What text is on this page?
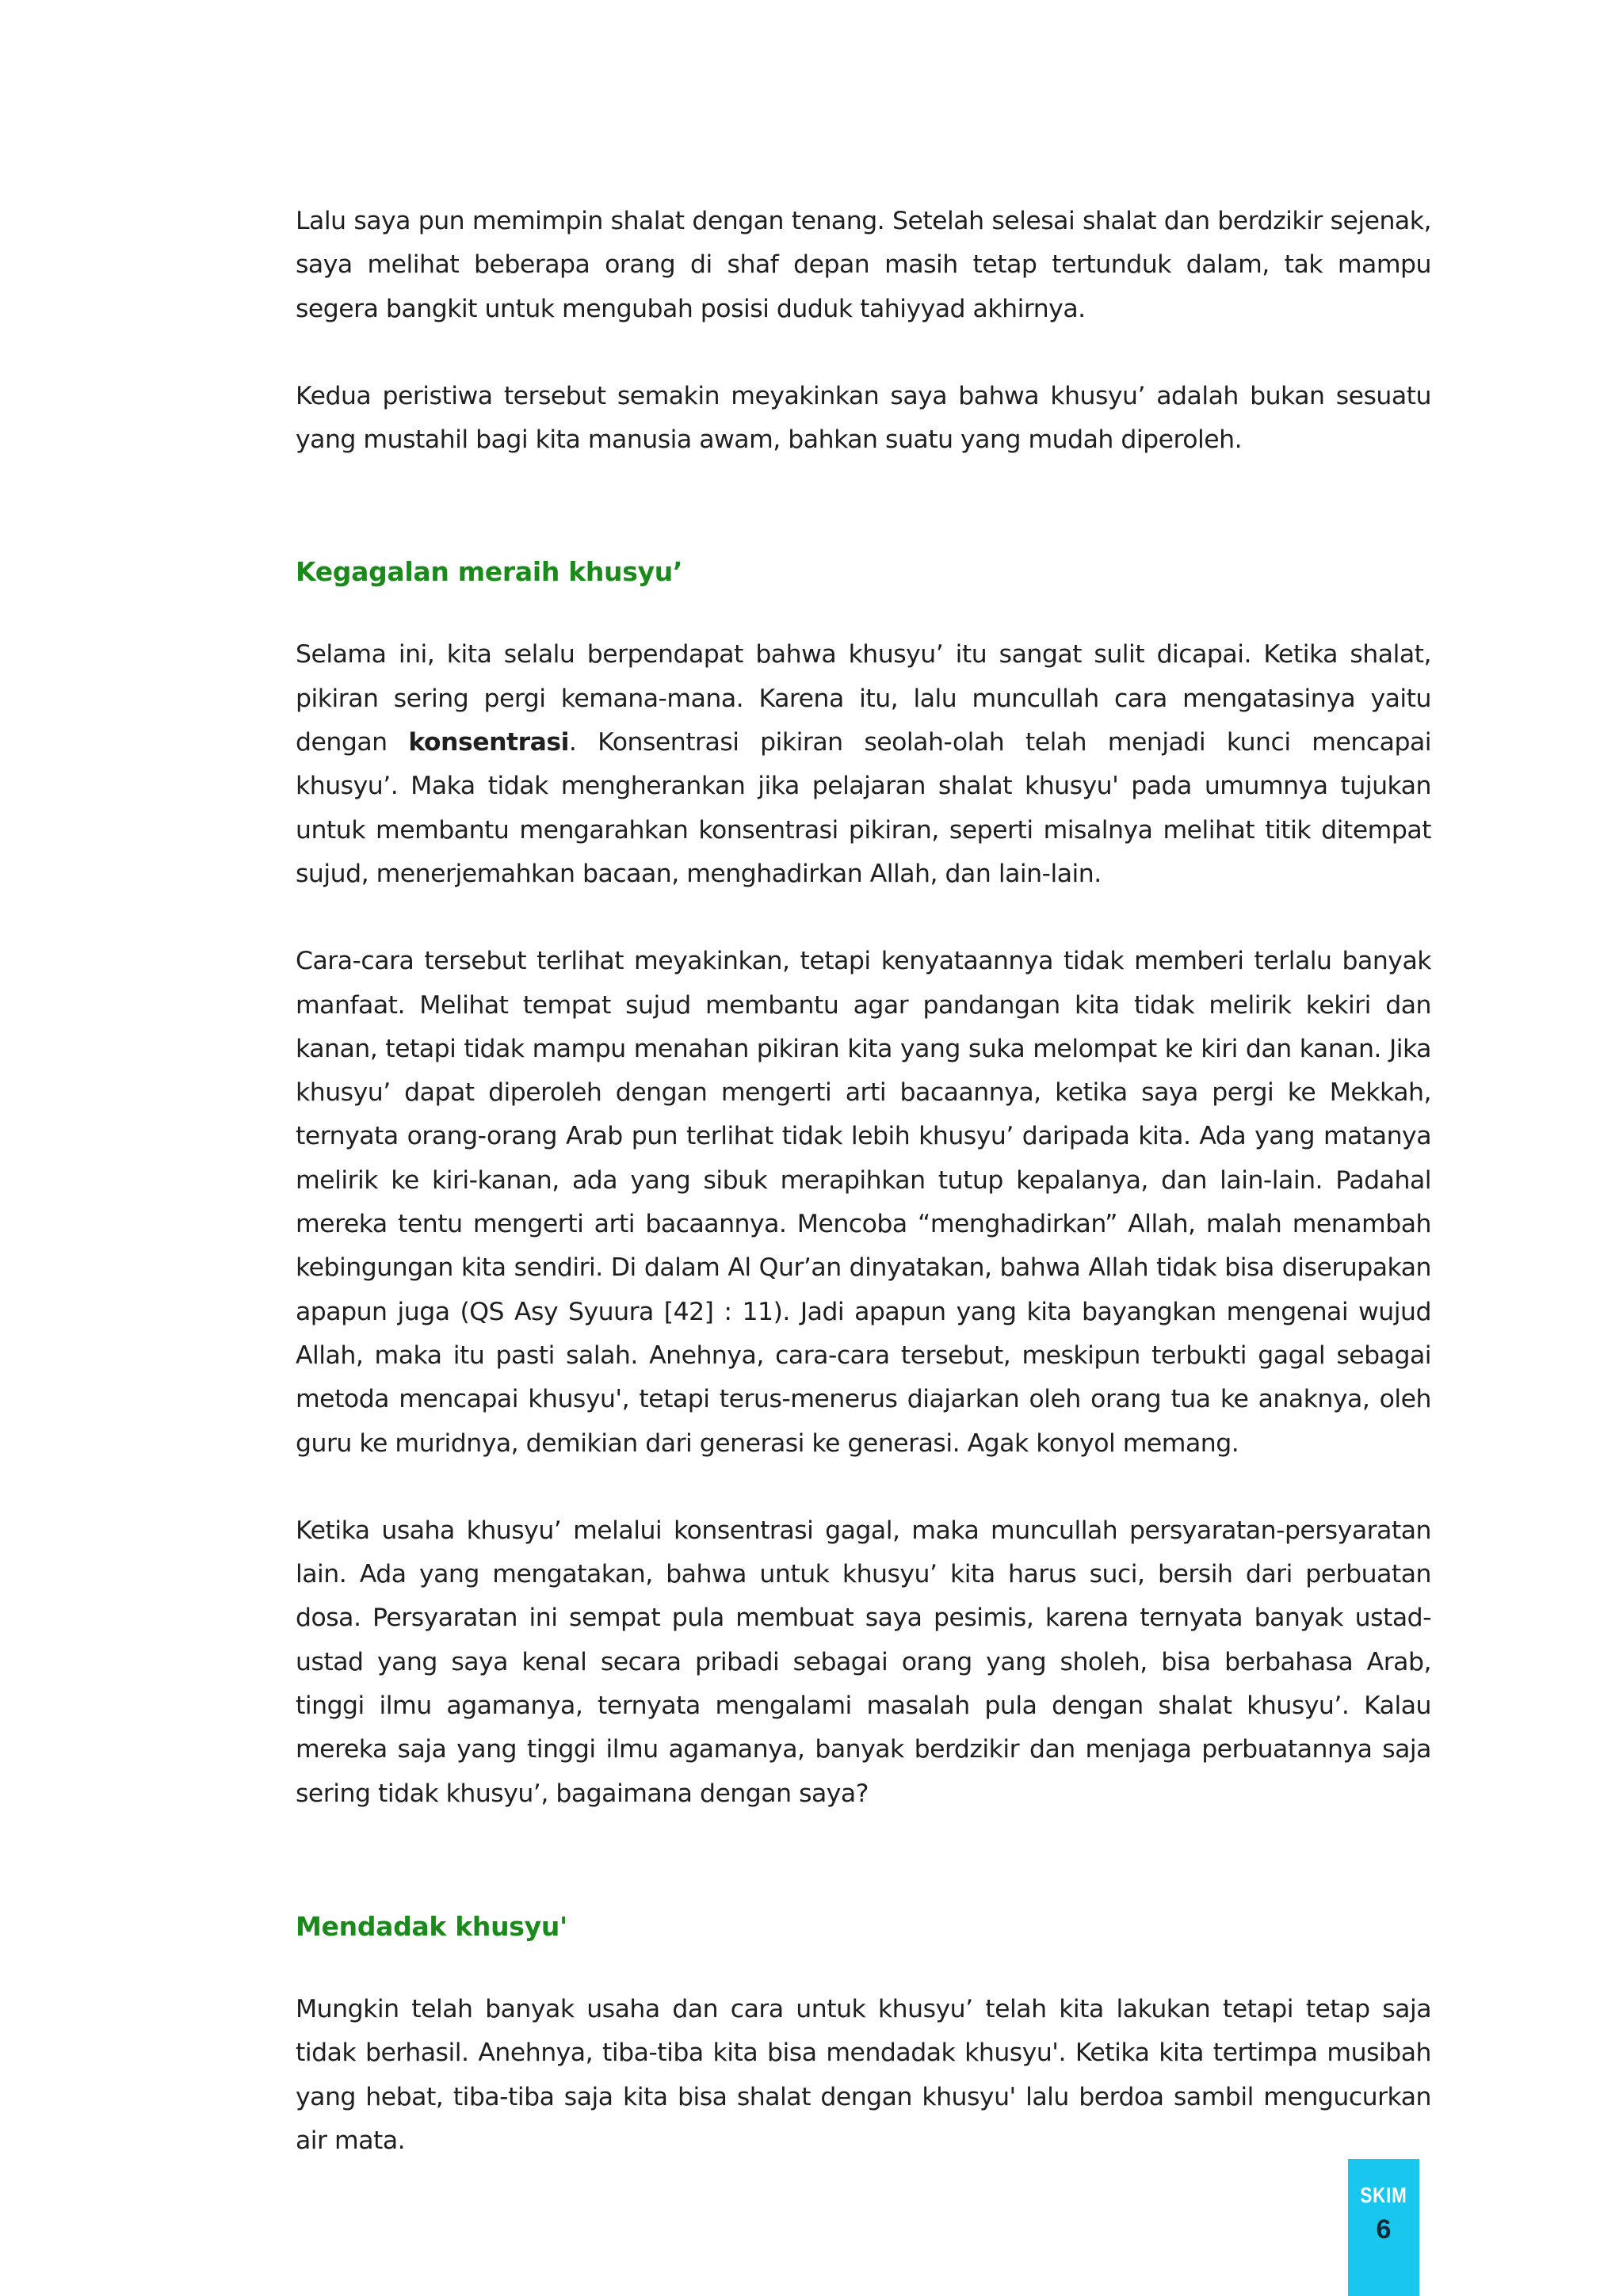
Lalu saya pun memimpin shalat dengan tenang. Setelah selesai shalat dan berdzikir sejenak, saya melihat beberapa orang di shaf depan masih tetap tertunduk dalam, tak mampu segera bangkit untuk mengubah posisi duduk tahiyyad akhirnya.

Kedua peristiwa tersebut semakin meyakinkan saya bahwa khusyu’ adalah bukan sesuatu yang mustahil bagi kita manusia awam, bahkan suatu yang mudah diperoleh.

Kegagalan meraih khusyu’

Selama ini, kita selalu berpendapat bahwa khusyu’ itu sangat sulit dicapai. Ketika shalat, pikiran sering pergi kemana-mana. Karena itu, lalu muncullah cara mengatasinya yaitu dengan konsentrasi. Konsentrasi pikiran seolah-olah telah menjadi kunci mencapai khusyu’. Maka tidak mengherankan jika pelajaran shalat khusyu' pada umumnya tujukan untuk membantu mengarahkan konsentrasi pikiran, seperti misalnya melihat titik ditempat sujud, menerjemahkan bacaan, menghadirkan Allah, dan lain-lain.

Cara-cara tersebut terlihat meyakinkan, tetapi kenyataannya tidak memberi terlalu banyak manfaat. Melihat tempat sujud membantu agar pandangan kita tidak melirik kekiri dan kanan, tetapi tidak mampu menahan pikiran kita yang suka melompat ke kiri dan kanan. Jika khusyu’ dapat diperoleh dengan mengerti arti bacaannya, ketika saya pergi ke Mekkah, ternyata orang-orang Arab pun terlihat tidak lebih khusyu’ daripada kita. Ada yang matanya melirik ke kiri-kanan, ada yang sibuk merapihkan tutup kepalanya, dan lain-lain. Padahal mereka tentu mengerti arti bacaannya. Mencoba “menghadirkan” Allah, malah menambah kebingungan kita sendiri. Di dalam Al Qur’an dinyatakan, bahwa Allah tidak bisa diserupakan apapun juga (QS Asy Syuura [42] : 11). Jadi apapun yang kita bayangkan mengenai wujud Allah, maka itu pasti salah. Anehnya, cara-cara tersebut, meskipun terbukti gagal sebagai metoda mencapai khusyu', tetapi terus-menerus diajarkan oleh orang tua ke anaknya, oleh guru ke muridnya, demikian dari generasi ke generasi. Agak konyol memang.

Ketika usaha khusyu’ melalui konsentrasi gagal, maka muncullah persyaratan-persyaratan lain. Ada yang mengatakan, bahwa untuk khusyu’ kita harus suci, bersih dari perbuatan dosa. Persyaratan ini sempat pula membuat saya pesimis, karena ternyata banyak ustad-ustad yang saya kenal secara pribadi sebagai orang yang sholeh, bisa berbahasa Arab, tinggi ilmu agamanya, ternyata mengalami masalah pula dengan shalat khusyu’. Kalau mereka saja yang tinggi ilmu agamanya, banyak berdzikir dan menjaga perbuatannya saja sering tidak khusyu’, bagaimana dengan saya?

Mendadak khusyu'

Mungkin telah banyak usaha dan cara untuk khusyu’ telah kita lakukan tetapi tetap saja tidak berhasil. Anehnya, tiba-tiba kita bisa mendadak khusyu'. Ketika kita tertimpa musibah yang hebat, tiba-tiba saja kita bisa shalat dengan khusyu' lalu berdoa sambil mengucurkan air mata.

SKIM
6
